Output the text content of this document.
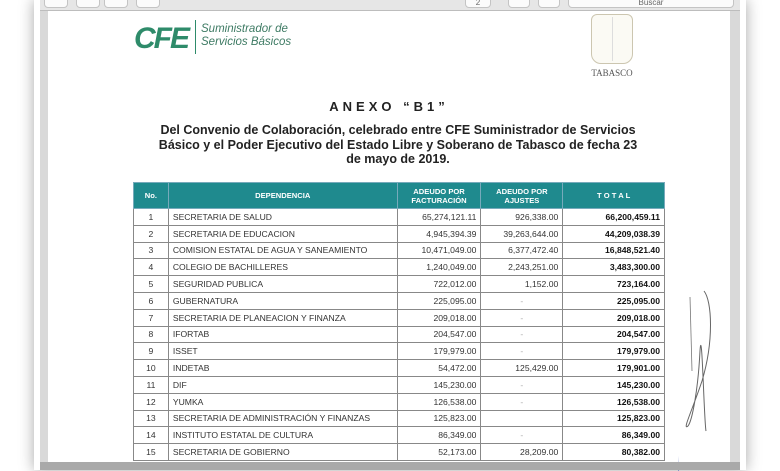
2	Buscar
CFE Suministrador de
Servicios Básicos
TABASCO
ANEXO “B1”
Del Convenio de Colaboración, celebrado entre CFE Suministrador de Servicios
Básico y el Poder Ejecutivo del Estado Libre y Soberano de Tabasco de fecha 23
de mayo de 2019.
No.	DEPENDENCIA	ADEUDO POR FACTURACIÓN	ADEUDO POR AJUSTES	T O T A L
1	SECRETARIA DE SALUD	65,274,121.11	926,338.00	66,200,459.11
2	SECRETARIA DE EDUCACION	4,945,394.39	39,263,644.00	44,209,038.39
3	COMISION ESTATAL DE AGUA Y SANEAMIENTO	10,471,049.00	6,377,472.40	16,848,521.40
4	COLEGIO DE BACHILLERES	1,240,049.00	2,243,251.00	3,483,300.00
5	SEGURIDAD PUBLICA	722,012.00	1,152.00	723,164.00
6	GUBERNATURA	225,095.00	-	225,095.00
7	SECRETARIA DE PLANEACION Y FINANZA	209,018.00	-	209,018.00
8	IFORTAB	204,547.00	-	204,547.00
9	ISSET	179,979.00	-	179,979.00
10	INDETAB	54,472.00	125,429.00	179,901.00
11	DIF	145,230.00	-	145,230.00
12	YUMKA	126,538.00	-	126,538.00
13	SECRETARIA DE ADMINISTRACIÓN Y FINANZAS	125,823.00		125,823.00
14	INSTITUTO ESTATAL DE CULTURA	86,349.00	-	86,349.00
15	SECRETARIA DE GOBIERNO	52,173.00	28,209.00	80,382.00
